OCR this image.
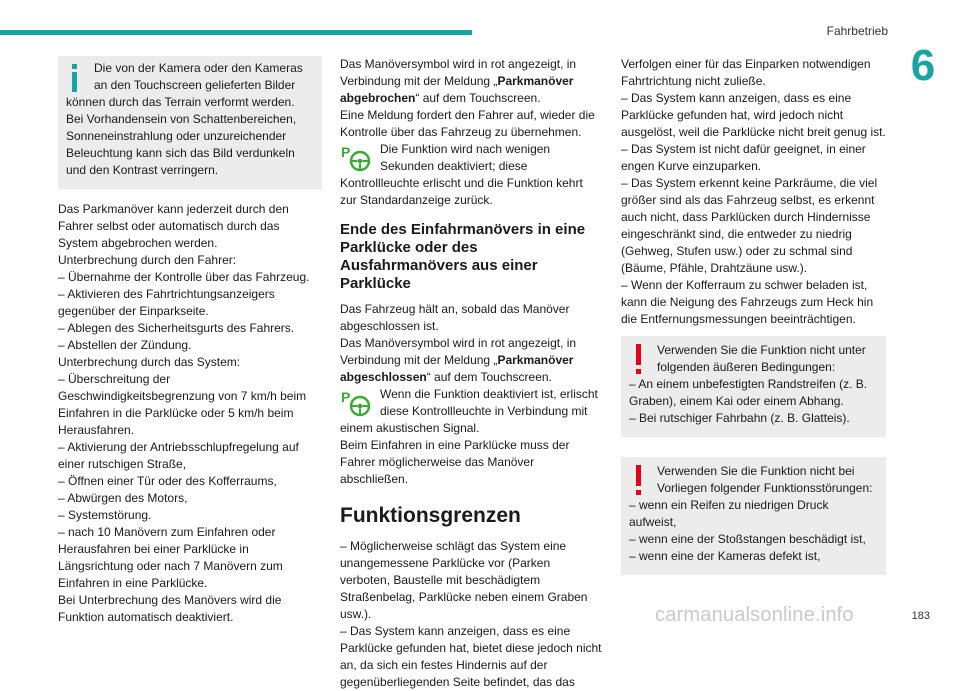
Fahrbetrieb
6

Die von der Kamera oder den Kameras an den Touchscreen gelieferten Bilder können durch das Terrain verformt werden.
Bei Vorhandensein von Schattenbereichen, Sonneneinstrahlung oder unzureichender Beleuchtung kann sich das Bild verdunkeln und den Kontrast verringern.

Das Parkmanöver kann jederzeit durch den Fahrer selbst oder automatisch durch das System abgebrochen werden.
Unterbrechung durch den Fahrer:
– Übernahme der Kontrolle über das Fahrzeug.
– Aktivieren des Fahrtrichtungsanzeigers gegenüber der Einparkseite.
– Ablegen des Sicherheitsgurts des Fahrers.
– Abstellen der Zündung.
Unterbrechung durch das System:
– Überschreitung der Geschwindigkeitsbegrenzung von 7 km/h beim Einfahren in die Parklücke oder 5 km/h beim Herausfahren.
– Aktivierung der Antriebsschlupfregelung auf einer rutschigen Straße,
– Öffnen einer Tür oder des Kofferraums,
– Abwürgen des Motors,
– Systemstörung.
– nach 10 Manövern zum Einfahren oder Herausfahren bei einer Parklücke in Längsrichtung oder nach 7 Manövern zum Einfahren in eine Parklücke.
Bei Unterbrechung des Manövers wird die Funktion automatisch deaktiviert.

Das Manöversymbol wird in rot angezeigt, in Verbindung mit der Meldung „Parkmanöver abgebrochen“ auf dem Touchscreen.
Eine Meldung fordert den Fahrer auf, wieder die Kontrolle über das Fahrzeug zu übernehmen.

P	Die Funktion wird nach wenigen Sekunden deaktiviert; diese Kontrollleuchte erlischt und die Funktion kehrt zur Standardanzeige zurück.

Ende des Einfahrmanövers in eine Parklücke oder des Ausfahrmanövers aus einer Parklücke

Das Fahrzeug hält an, sobald das Manöver abgeschlossen ist.
Das Manöversymbol wird in rot angezeigt, in Verbindung mit der Meldung „Parkmanöver abgeschlossen“ auf dem Touchscreen.

P	Wenn die Funktion deaktiviert ist, erlischt diese Kontrollleuchte in Verbindung mit einem akustischen Signal.
Beim Einfahren in eine Parklücke muss der Fahrer möglicherweise das Manöver abschließen.

Funktionsgrenzen

– Möglicherweise schlägt das System eine unangemessene Parklücke vor (Parken verboten, Baustelle mit beschädigtem Straßenbelag, Parklücke neben einem Graben usw.).
– Das System kann anzeigen, dass es eine Parklücke gefunden hat, bietet diese jedoch nicht an, da sich ein festes Hindernis auf der gegenüberliegenden Seite befindet, das das

Verfolgen einer für das Einparken notwendigen Fahrtrichtung nicht zuließe.
– Das System kann anzeigen, dass es eine Parklücke gefunden hat, wird jedoch nicht ausgelöst, weil die Parklücke nicht breit genug ist.
– Das System ist nicht dafür geeignet, in einer engen Kurve einzuparken.
– Das System erkennt keine Parkräume, die viel größer sind als das Fahrzeug selbst, es erkennt auch nicht, dass Parklücken durch Hindernisse eingeschränkt sind, die entweder zu niedrig (Gehweg, Stufen usw.) oder zu schmal sind (Bäume, Pfähle, Drahtzäune usw.).
– Wenn der Kofferraum zu schwer beladen ist, kann die Neigung des Fahrzeugs zum Heck hin die Entfernungsmessungen beeinträchtigen.

Verwenden Sie die Funktion nicht unter folgenden äußeren Bedingungen:
– An einem unbefestigten Randstreifen (z. B. Graben), einem Kai oder einem Abhang.
– Bei rutschiger Fahrbahn (z. B. Glatteis).

Verwenden Sie die Funktion nicht bei Vorliegen folgender Funktionsstörungen:
– wenn ein Reifen zu niedrigen Druck aufweist,
– wenn eine der Stoßstangen beschädigt ist,
– wenn eine der Kameras defekt ist,

carmanualsonline.info	183
